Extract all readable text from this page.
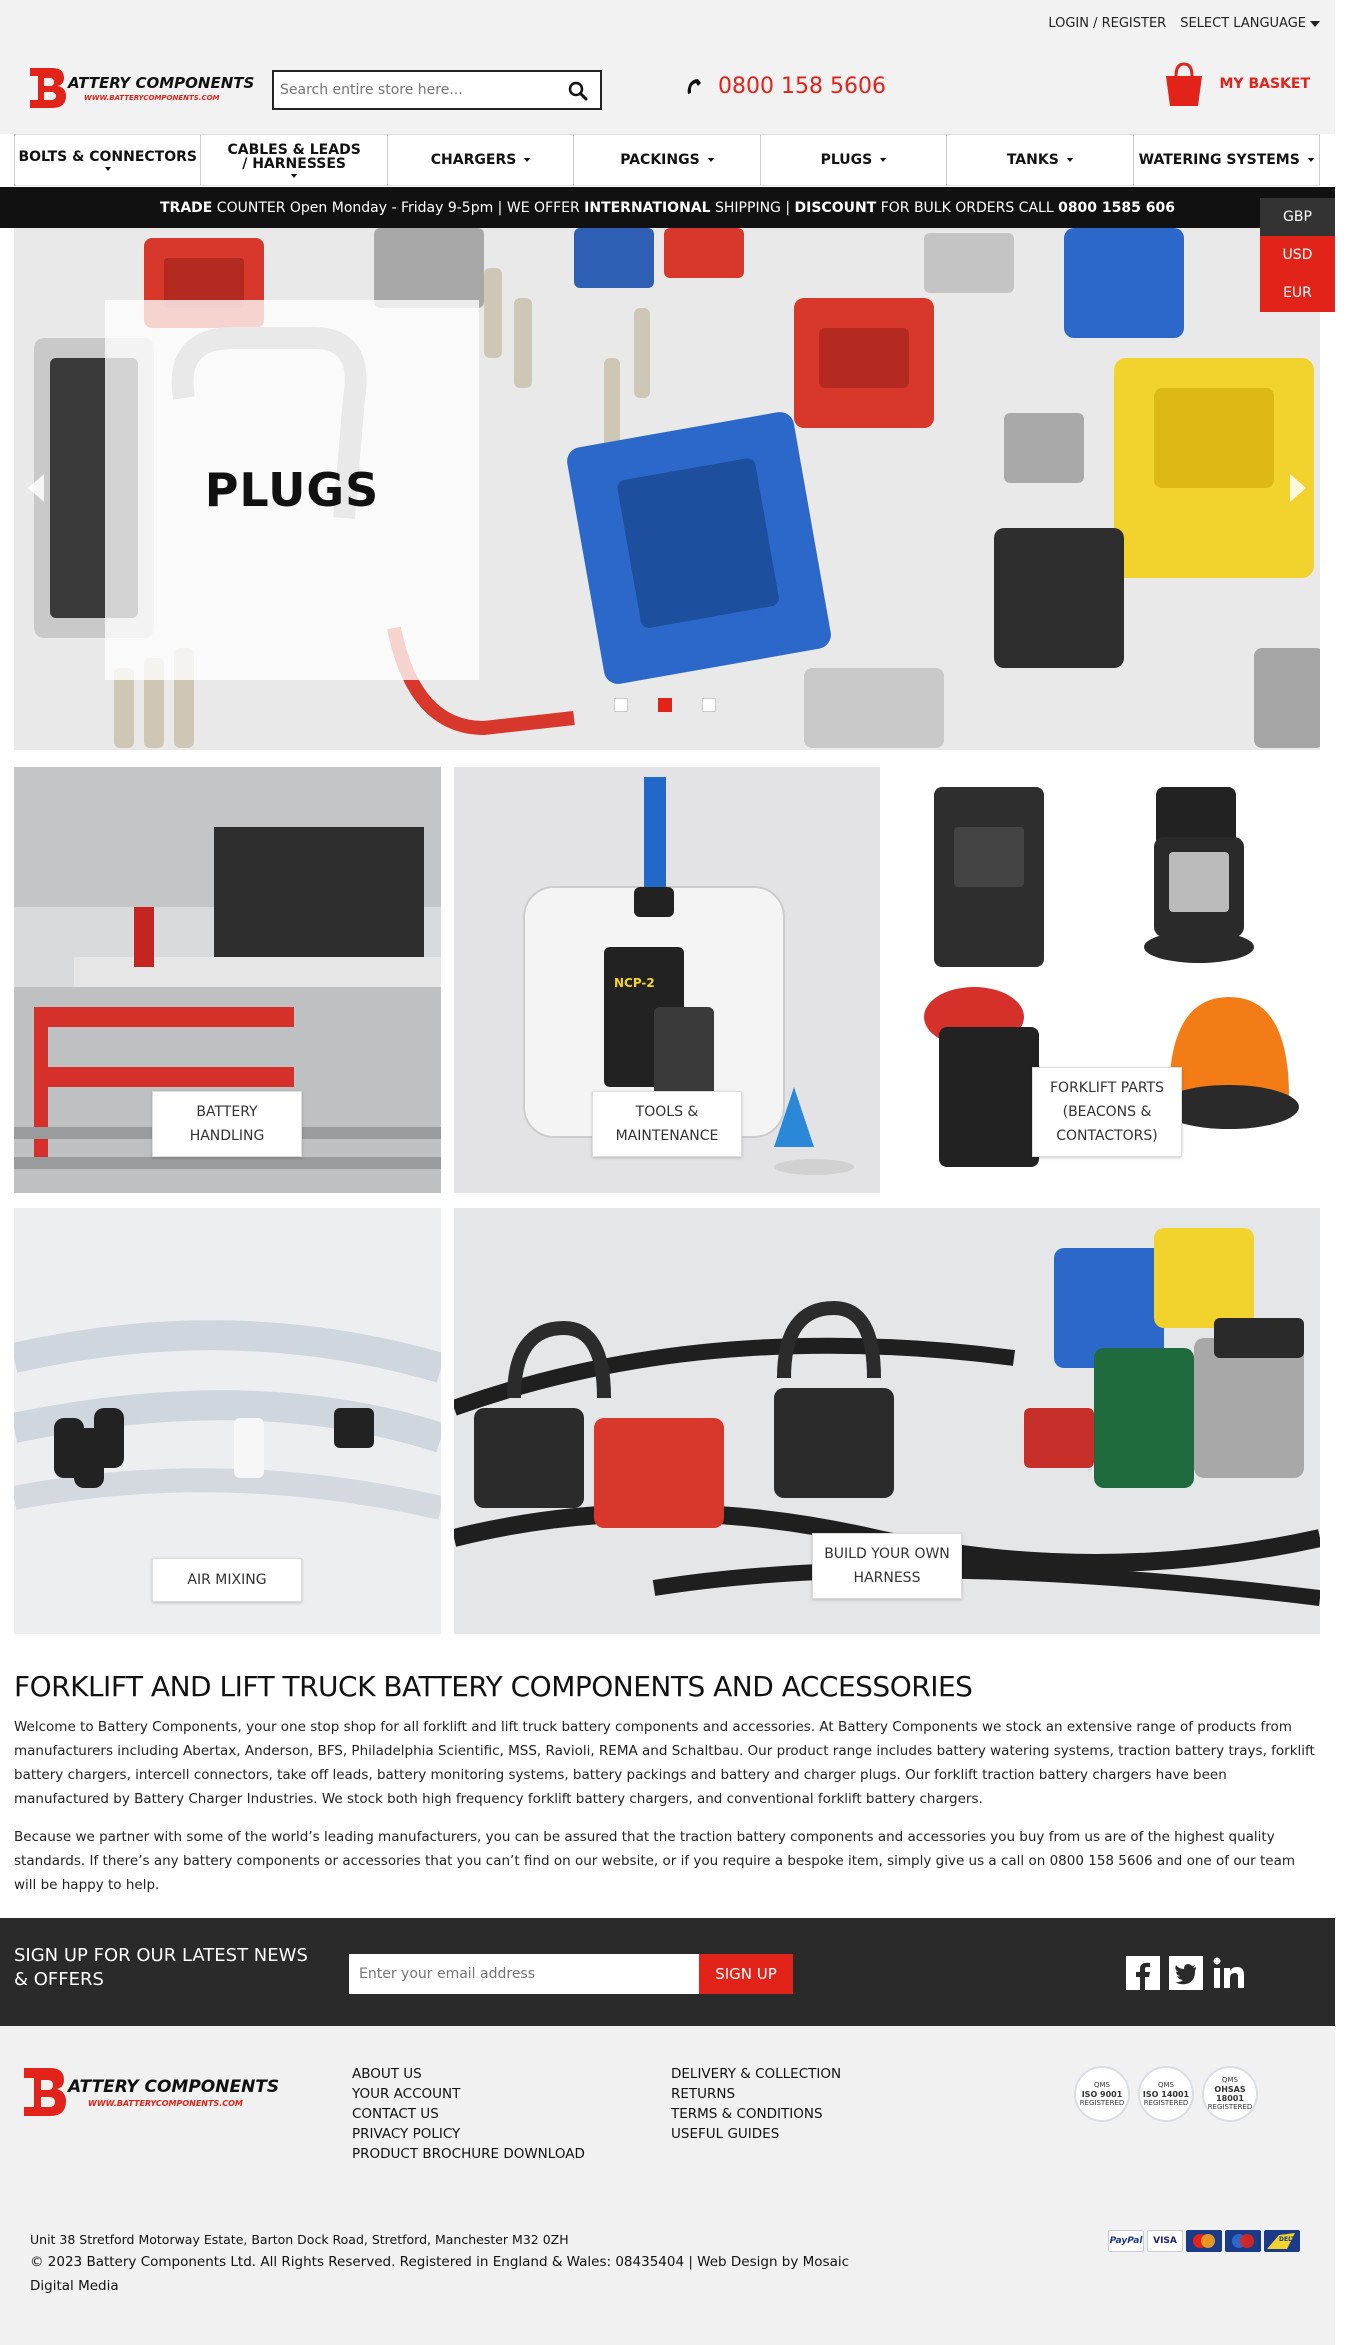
LOGIN / REGISTER SELECT LANGUAGE
ATTERY COMPONENTS
WWW.BATTERYCOMPONENTS.COM
Search entire store here...	0800 158 5606	MY BASKET
BOLTS & CONNECTORS CABLES & LEADS / HARNESSES	CHARGERS	PACKINGS	PLUGS	TANKS	WATERING SYSTEMS
TRADE COUNTER Open Monday - Friday 9-5pm | WE OFFER INTERNATIONAL SHIPPING | DISCOUNT FOR BULK ORDERS CALL 0800 1585 606
PLUGS
GBP
USD
EUR
BATTERY
HANDLING
NCP-2
TOOLS &
MAINTENANCE
FORKLIFT PARTS
(BEACONS &
CONTACTORS)
AIR MIXING
BUILD YOUR OWN
HARNESS
FORKLIFT AND LIFT TRUCK BATTERY COMPONENTS AND ACCESSORIES

Welcome to Battery Components, your one stop shop for all forklift and lift truck battery components and accessories. At Battery Components we stock an extensive range of products from manufacturers including Abertax, Anderson, BFS, Philadelphia Scientific, MSS, Ravioli, REMA and Schaltbau. Our product range includes battery watering systems, traction battery trays, forklift battery chargers, intercell connectors, take off leads, battery monitoring systems, battery packings and battery and charger plugs. Our forklift traction battery chargers have been manufactured by Battery Charger Industries. We stock both high frequency forklift battery chargers, and conventional forklift battery chargers.

Because we partner with some of the world’s leading manufacturers, you can be assured that the traction battery components and accessories you buy from us are of the highest quality standards. If there’s any battery components or accessories that you can’t find on our website, or if you require a bespoke item, simply give us a call on 0800 158 5606 and one of our team will be happy to help.

SIGN UP FOR OUR LATEST NEWS & OFFERS
Enter your email address	SIGN UP
ATTERY COMPONENTS
WWW.BATTERYCOMPONENTS.COM
ABOUT US
YOUR ACCOUNT
CONTACT US
PRIVACY POLICY
PRODUCT BROCHURE DOWNLOAD
DELIVERY & COLLECTION
RETURNS
TERMS & CONDITIONS
USEFUL GUIDES
QMS
ISO 9001
REGISTERED
QMS
ISO 14001
REGISTERED
QMS
OHSAS 18001
REGISTERED
Unit 38 Stretford Motorway Estate, Barton Dock Road, Stretford, Manchester M32 0ZH
© 2023 Battery Components Ltd. All Rights Reserved. Registered in England & Wales: 08435404 | Web Design by Mosaic Digital Media
PayPal	VISA	DELTA
